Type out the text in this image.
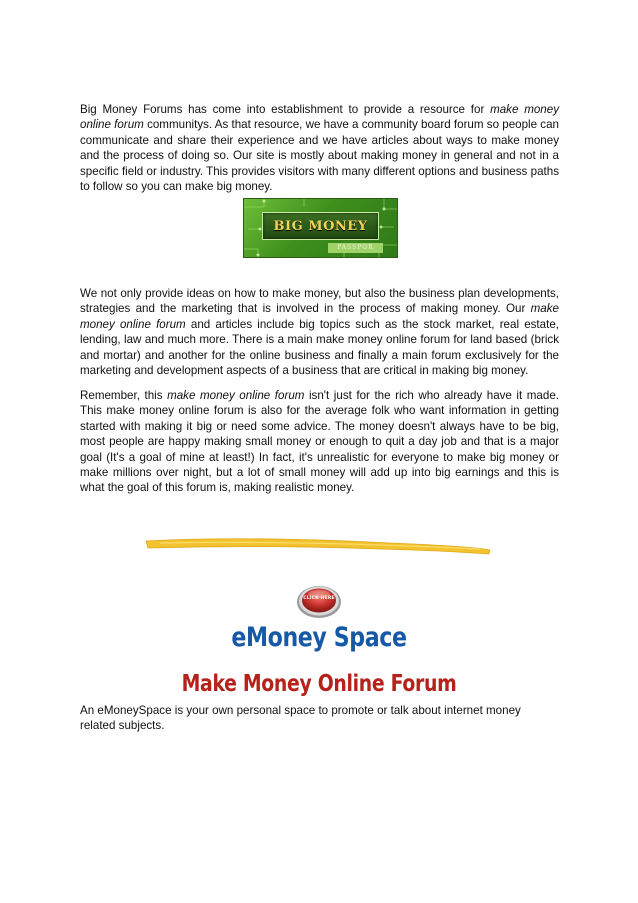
Big Money Forums has come into establishment to provide a resource for make money online forum communitys. As that resource, we have a community board forum so people can communicate and share their experience and we have articles about ways to make money and the process of doing so. Our site is mostly about making money in general and not in a specific field or industry. This provides visitors with many different options and business paths to follow so you can make big money.

BIG MONEY
PASSPOR

We not only provide ideas on how to make money, but also the business plan developments, strategies and the marketing that is involved in the process of making money. Our make money online forum and articles include big topics such as the stock market, real estate, lending, law and much more. There is a main make money online forum for land based (brick and mortar) and another for the online business and finally a main forum exclusively for the marketing and development aspects of a business that are critical in making big money.

Remember, this make money online forum isn't just for the rich who already have it made. This make money online forum is also for the average folk who want information in getting started with making it big or need some advice. The money doesn't always have to be big, most people are happy making small money or enough to quit a day job and that is a major goal (It's a goal of mine at least!) In fact, it's unrealistic for everyone to make big money or make millions over night, but a lot of small money will add up into big earnings and this is what the goal of this forum is, making realistic money.

CLICK HERE
eMoney Space
Make Money Online Forum

An eMoneySpace is your own personal space to promote or talk about internet money related subjects.
